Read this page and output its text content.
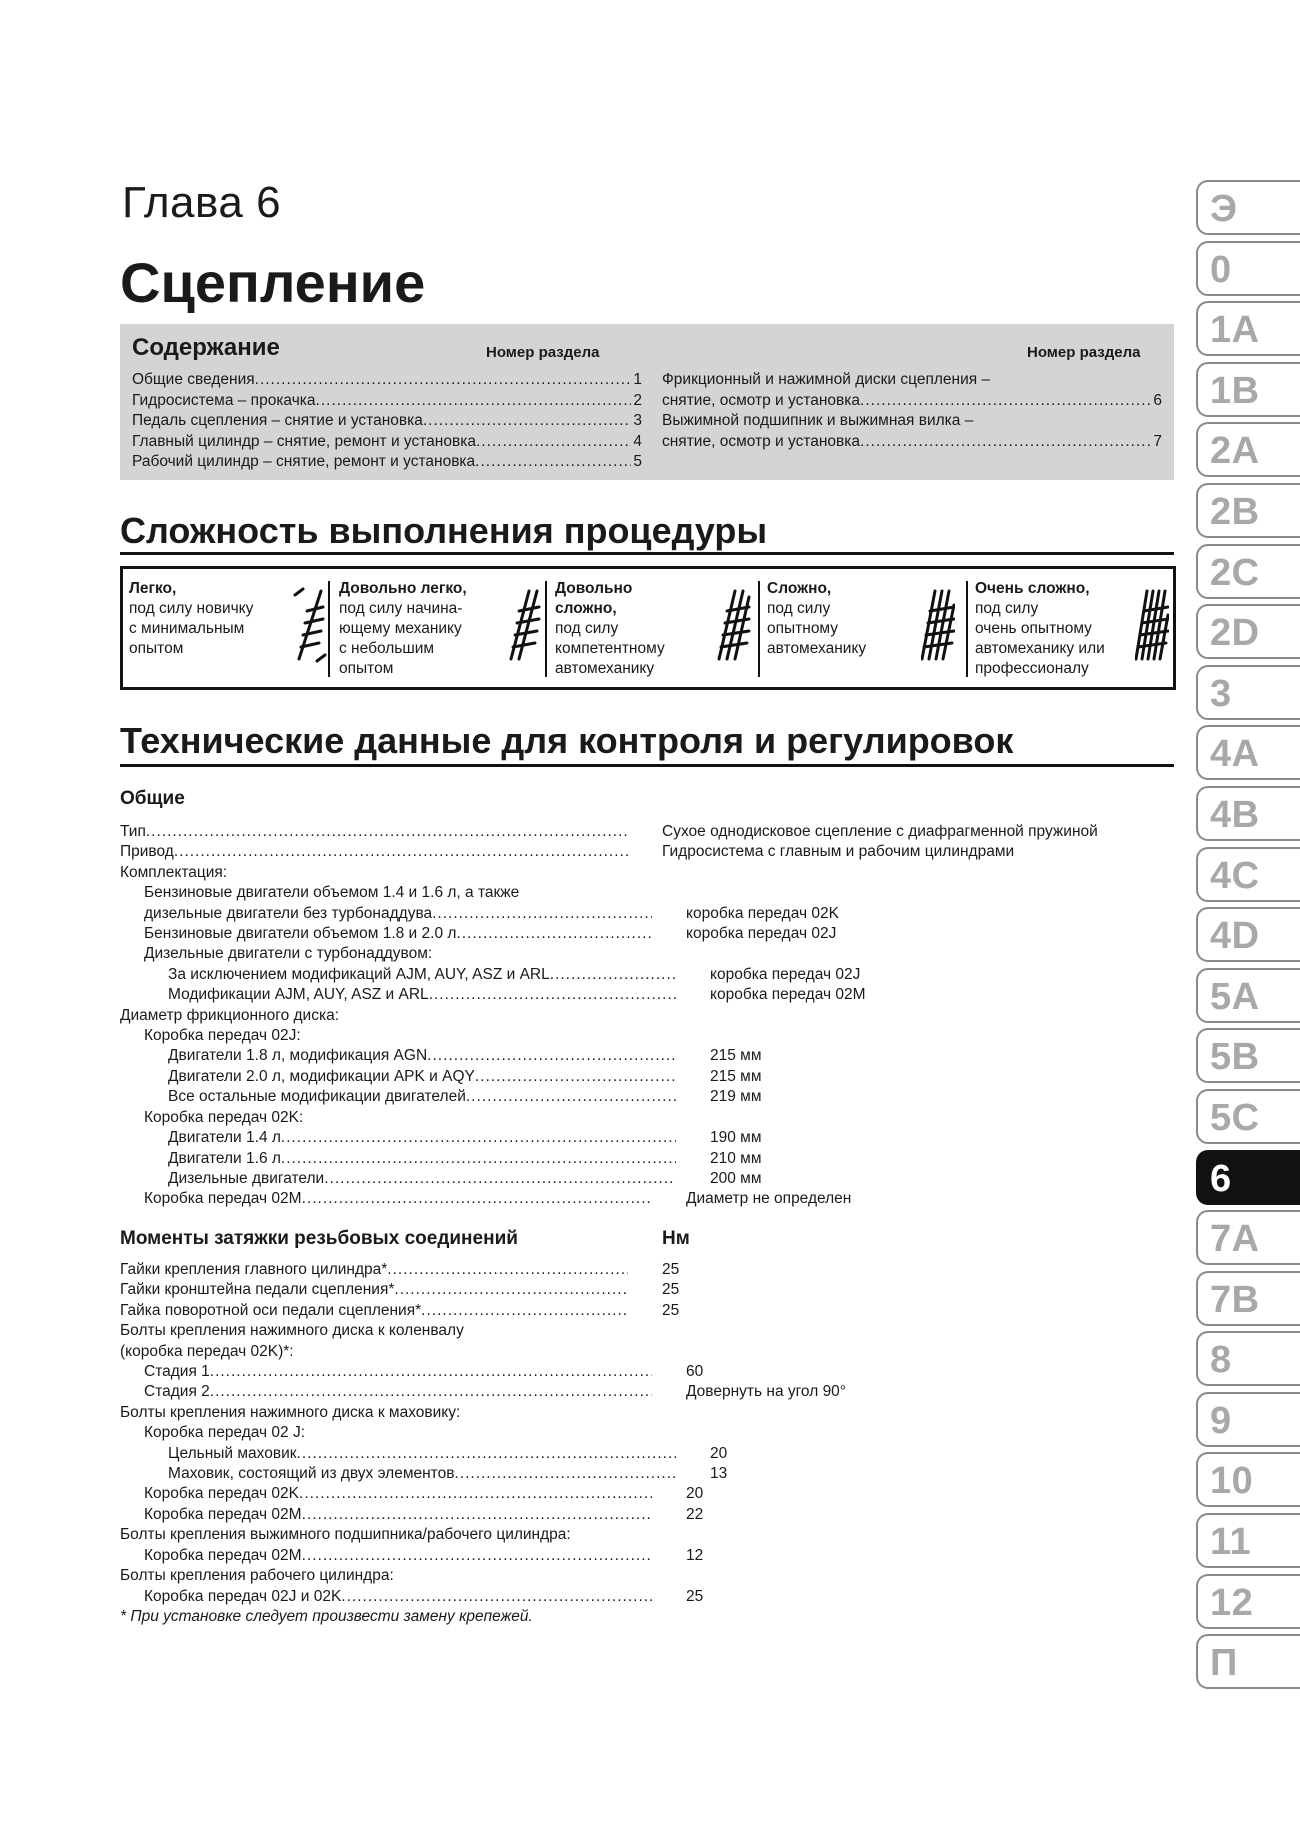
Глава 6
Сцепление
Содержание	Номер раздела	Номер раздела
Общие сведения .....	1
Гидросистема – прокачка .....	2
Педаль сцепления – снятие и установка .....	3
Главный цилиндр – снятие, ремонт и установка .....	4
Рабочий цилиндр – снятие, ремонт и установка .....	5
Фрикционный и нажимной диски сцепления –
снятие, осмотр и установка .....	6
Выжимной подшипник и выжимная вилка –
снятие, осмотр и установка .....	7
Сложность выполнения процедуры
Легко,
под силу новичку
с минимальным
опытом
Довольно легко,
под силу начина-
ющему механику
с небольшим
опытом
Довольно
сложно,
под силу
компетентному
автомеханику
Сложно,
под силу
опытному
автомеханику
Очень сложно,
под силу
очень опытному
автомеханику или
профессионалу
Технические данные для контроля и регулировок
Общие
Тип .....	Сухое однодисковое сцепление с диафрагменной пружиной
Привод .....	Гидросистема с главным и рабочим цилиндрами
Комплектация:
Бензиновые двигатели объемом 1.4 и 1.6 л, а также
дизельные двигатели без турбонаддува .....	коробка передач 02K
Бензиновые двигатели объемом 1.8 и 2.0 л .....	коробка передач 02J
Дизельные двигатели с турбонаддувом:
За исключением модификаций AJM, AUY, ASZ и ARL .....	коробка передач 02J
Модификации AJM, AUY, ASZ и ARL .....	коробка передач 02M
Диаметр фрикционного диска:
Коробка передач 02J:
Двигатели 1.8 л, модификация AGN .....	215 мм
Двигатели 2.0 л, модификации APK и AQY .....	215 мм
Все остальные модификации двигателей .....	219 мм
Коробка передач 02K:
Двигатели 1.4 л .....	190 мм
Двигатели 1.6 л .....	210 мм
Дизельные двигатели .....	200 мм
Коробка передач 02M .....	Диаметр не определен
Моменты затяжки резьбовых соединений	Нм
Гайки крепления главного цилиндра* .....	25
Гайки кронштейна педали сцепления* .....	25
Гайка поворотной оси педали сцепления* .....	25
Болты крепления нажимного диска к коленвалу
(коробка передач 02K)*:
Стадия 1 .....	60
Стадия 2 .....	Довернуть на угол 90°
Болты крепления нажимного диска к маховику:
Коробка передач 02 J:
Цельный маховик .....	20
Маховик, состоящий из двух элементов .....	13
Коробка передач 02K .....	20
Коробка передач 02M .....	22
Болты крепления выжимного подшипника/рабочего цилиндра:
Коробка передач 02M .....	12
Болты крепления рабочего цилиндра:
Коробка передач 02J и 02K .....	25
* При установке следует произвести замену крепежей.
Э
0
1A
1B
2A
2B
2C
2D
3
4A
4B
4C
4D
5A
5B
5C
6
7A
7B
8
9
10
11
12
П
